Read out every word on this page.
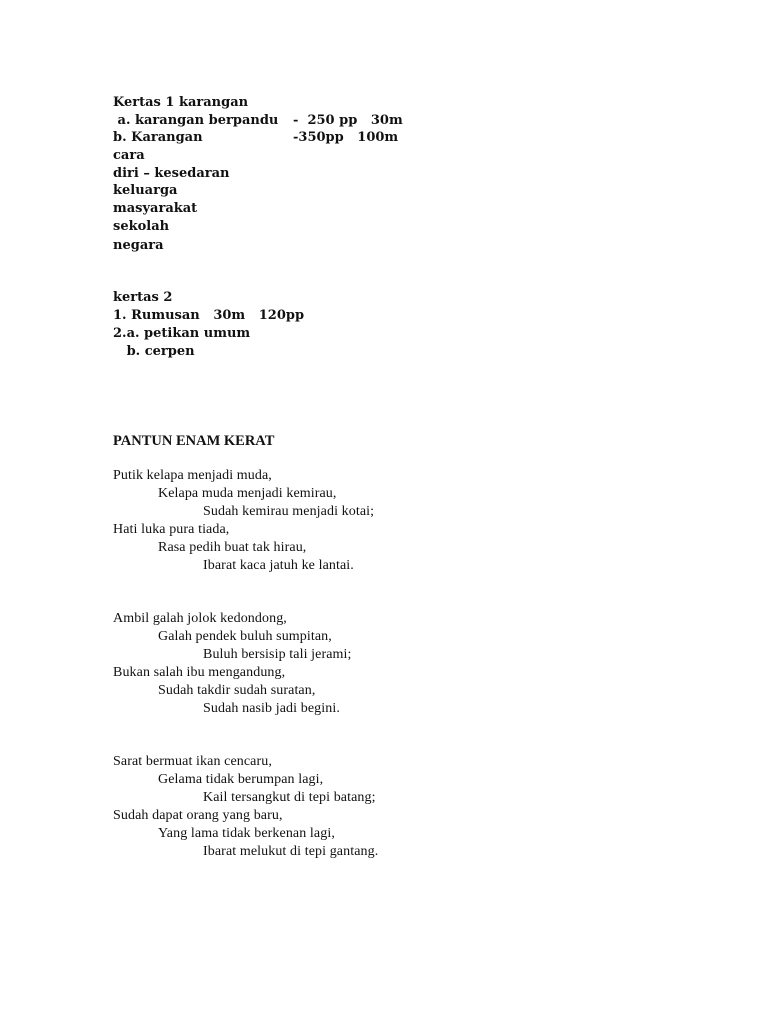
Kertas 1 karangan
a. karangan berpandu -  250 pp   30m
b. Karangan	-350pp   100m
cara
diri – kesedaran
keluarga
masyarakat
sekolah
negara
kertas 2
1. Rumusan   30m   120pp
2.a. petikan umum
b. cerpen
PANTUN ENAM KERAT
Putik kelapa menjadi muda,
Kelapa muda menjadi kemirau,
Sudah kemirau menjadi kotai;
Hati luka pura tiada,
Rasa pedih buat tak hirau,
Ibarat kaca jatuh ke lantai.
Ambil galah jolok kedondong,
Galah pendek buluh sumpitan,
Buluh bersisip tali jerami;
Bukan salah ibu mengandung,
Sudah takdir sudah suratan,
Sudah nasib jadi begini.
Sarat bermuat ikan cencaru,
Gelama tidak berumpan lagi,
Kail tersangkut di tepi batang;
Sudah dapat orang yang baru,
Yang lama tidak berkenan lagi,
Ibarat melukut di tepi gantang.
